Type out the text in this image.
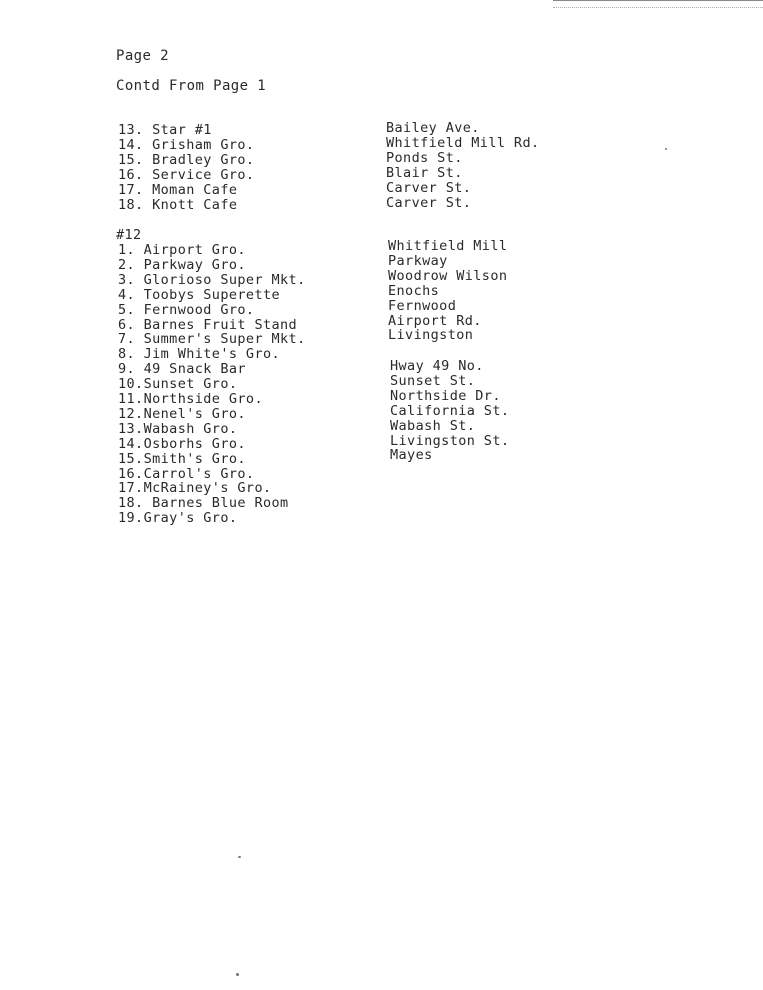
Page 2
Contd From Page 1
13. Star #1
14. Grisham Gro.
15. Bradley Gro.
16. Service Gro.
17. Moman Cafe
18. Knott Cafe
Bailey Ave.
Whitfield Mill Rd.
Ponds St.
Blair St.
Carver St.
Carver St.
#12
1. Airport Gro.
2. Parkway Gro.
3. Glorioso Super Mkt.
4. Toobys Superette
5. Fernwood Gro.
6. Barnes Fruit Stand
7. Summer's Super Mkt.
8. Jim White's Gro.
9. 49 Snack Bar
10.Sunset Gro.
11.Northside Gro.
12.Nenel's Gro.
13.Wabash Gro.
14.Osborhs Gro.
15.Smith's Gro.
16.Carrol's Gro.
17.McRainey's Gro.
18. Barnes Blue Room
19.Gray's Gro.
Whitfield Mill
Parkway
Woodrow Wilson
Enochs
Fernwood
Airport Rd.
Livingston
Hway 49 No.
Sunset St.
Northside Dr.
California St.
Wabash St.
Livingston St.
Mayes
